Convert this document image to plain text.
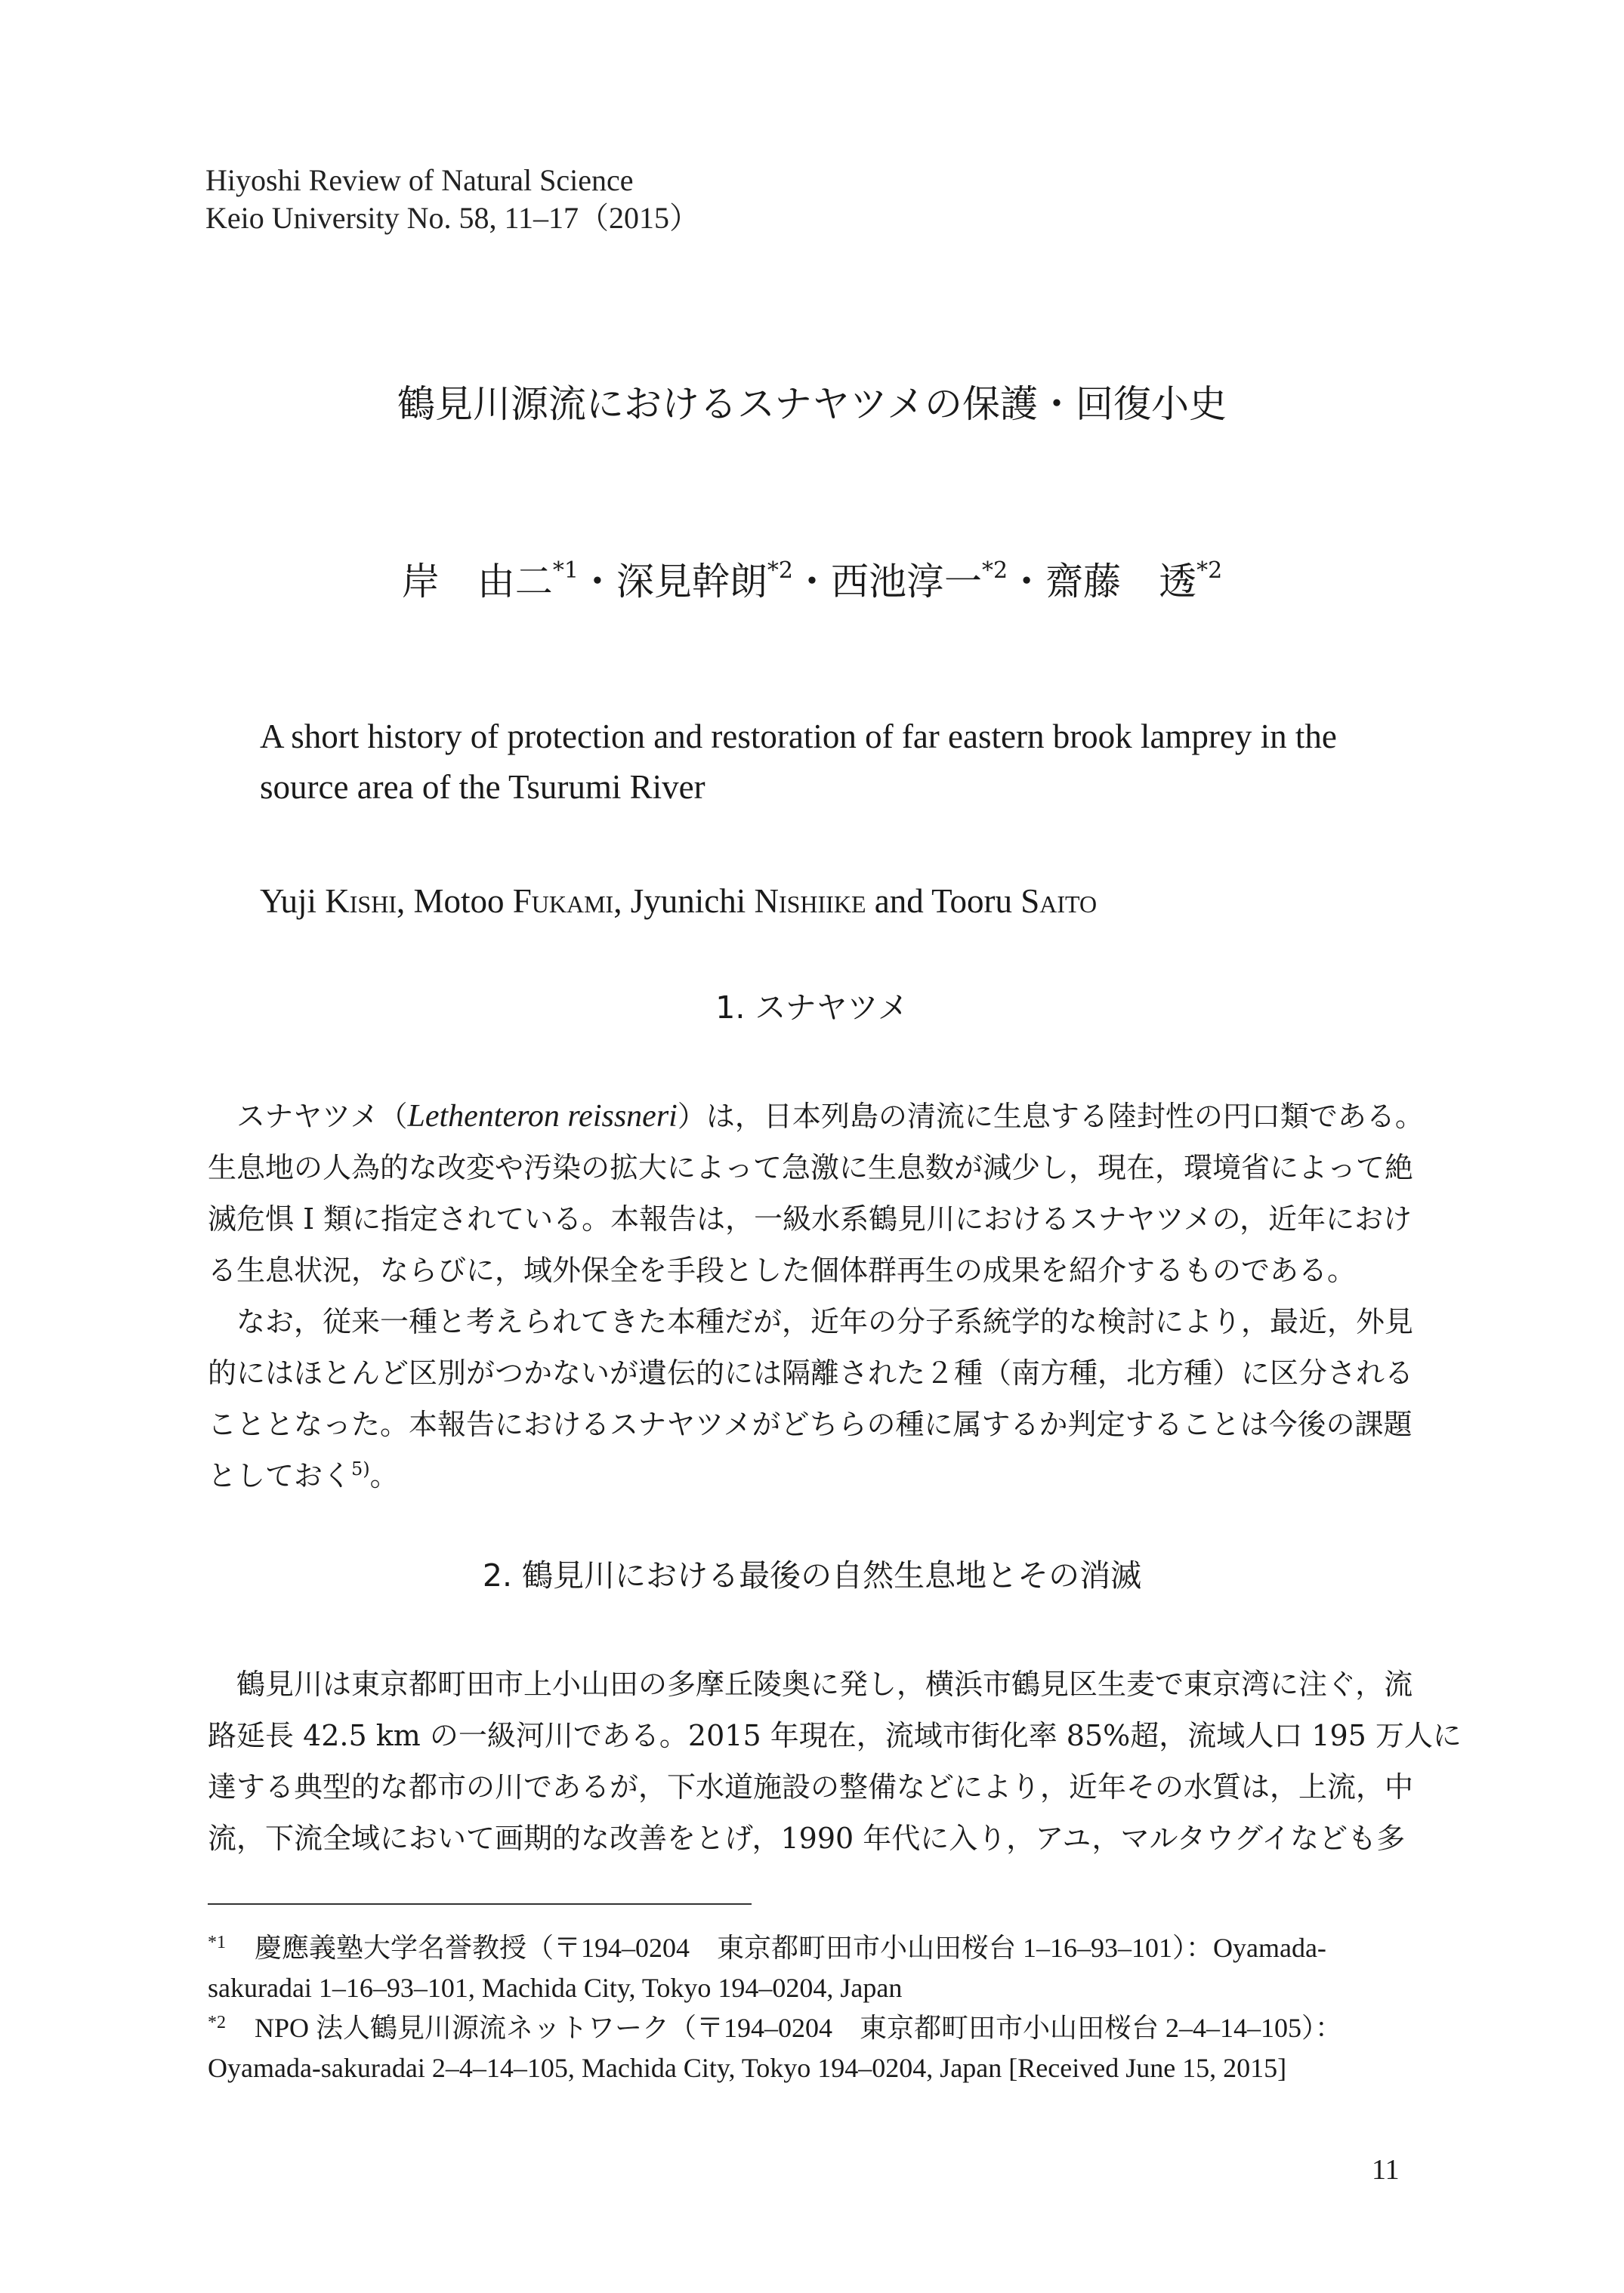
Hiyoshi Review of Natural Science
Keio University No. 58, 11–17（2015）
鶴見川源流におけるスナヤツメの保護・回復小史
岸　由二$^{*1}$・深見幹朗$^{*2}$・西池淳一$^{*2}$・齋藤　透$^{*2}$
A short history of protection and restoration of far eastern brook lamprey in the
source area of the Tsurumi River
Yuji Kishi, Motoo Fukami, Jyunichi Nishiike and Tooru Saito
1. スナヤツメ
スナヤツメ（Lethenteron reissneri）は，日本列島の清流に生息する陸封性の円口類である。
生息地の人為的な改変や汚染の拡大によって急激に生息数が減少し，現在，環境省によって絶
滅危惧 I 類に指定されている。本報告は，一級水系鶴見川におけるスナヤツメの，近年におけ
る生息状況，ならびに，域外保全を手段とした個体群再生の成果を紹介するものである。
なお，従来一種と考えられてきた本種だが，近年の分子系統学的な検討により，最近，外見
的にはほとんど区別がつかないが遺伝的には隔離された２種（南方種，北方種）に区分される
こととなった。本報告におけるスナヤツメがどちらの種に属するか判定することは今後の課題
としておく$^{5)}$。
2. 鶴見川における最後の自然生息地とその消滅
鶴見川は東京都町田市上小山田の多摩丘陵奥に発し，横浜市鶴見区生麦で東京湾に注ぐ，流
路延長 42.5 km の一級河川である。2015 年現在，流域市街化率 85%超，流域人口 195 万人に
達する典型的な都市の川であるが，下水道施設の整備などにより，近年その水質は，上流，中
流，下流全域において画期的な改善をとげ，1990 年代に入り，アユ，マルタウグイなども多
$^{*1}$ 慶應義塾大学名誉教授（〒194–0204　東京都町田市小山田桜台 1–16–93–101）：Oyamada-
sakuradai 1–16–93–101, Machida City, Tokyo 194–0204, Japan
$^{*2}$ NPO 法人鶴見川源流ネットワーク（〒194–0204　東京都町田市小山田桜台 2–4–14–105）：
Oyamada-sakuradai 2–4–14–105, Machida City, Tokyo 194–0204, Japan [Received June 15, 2015]
11
